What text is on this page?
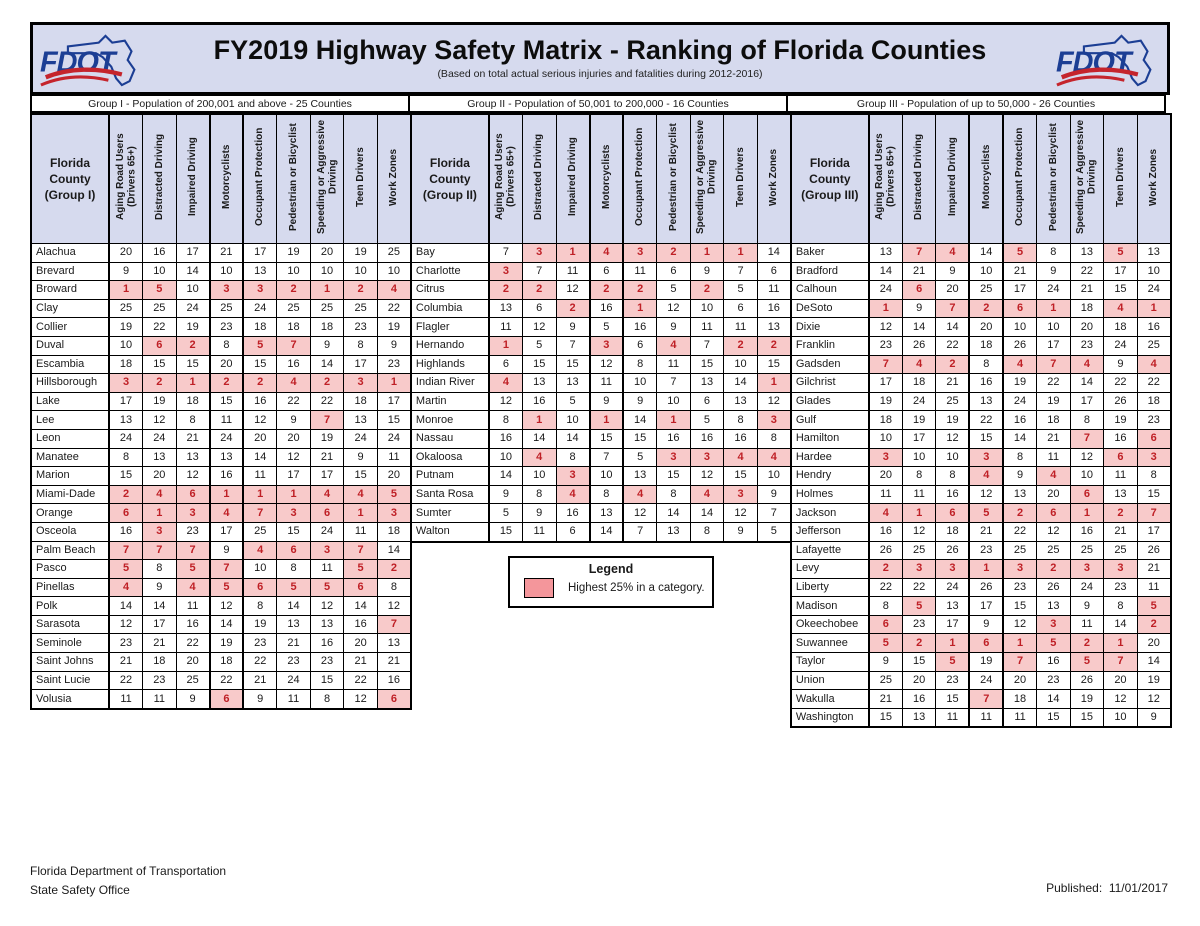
FDOT	FY2019 Highway Safety Matrix - Ranking of Florida Counties
(Based on total actual serious injuries and fatalities during 2012-2016)	FDOT
Group I - Population of 200,001 and above - 25 Counties	Group II - Population of 50,001 to 200,000 - 16 Counties	Group III - Population of up to 50,000 - 26 Counties
Florida
County
(Group I)	Aging Road Users (Drivers 65+)	Distracted Driving	Impaired Driving	Motorcyclists	Occupant Protection	Pedestrian or Bicyclist	Speeding or Aggressive Driving	Teen Drivers	Work Zones
Alachua	20	16	17	21	17	19	20	19	25
Brevard	9	10	14	10	13	10	10	10	10
Broward	1	5	10	3	3	2	1	2	4
Clay	25	25	24	25	24	25	25	25	22
Collier	19	22	19	23	18	18	18	23	19
Duval	10	6	2	8	5	7	9	8	9
Escambia	18	15	15	20	15	16	14	17	23
Hillsborough	3	2	1	2	2	4	2	3	1
Lake	17	19	18	15	16	22	22	18	17
Lee	13	12	8	11	12	9	7	13	15
Leon	24	24	21	24	20	20	19	24	24
Manatee	8	13	13	13	14	12	21	9	11
Marion	15	20	12	16	11	17	17	15	20
Miami-Dade	2	4	6	1	1	1	4	4	5
Orange	6	1	3	4	7	3	6	1	3
Osceola	16	3	23	17	25	15	24	11	18
Palm Beach	7	7	7	9	4	6	3	7	14
Pasco	5	8	5	7	10	8	11	5	2
Pinellas	4	9	4	5	6	5	5	6	8
Polk	14	14	11	12	8	14	12	14	12
Sarasota	12	17	16	14	19	13	13	16	7
Seminole	23	21	22	19	23	21	16	20	13
Saint Johns	21	18	20	18	22	23	23	21	21
Saint Lucie	22	23	25	22	21	24	15	22	16
Volusia	11	11	9	6	9	11	8	12	6
Florida
County
(Group II)	Aging Road Users (Drivers 65+)	Distracted Driving	Impaired Driving	Motorcyclists	Occupant Protection	Pedestrian or Bicyclist	Speeding or Aggressive Driving	Teen Drivers	Work Zones
Bay	7	3	1	4	3	2	1	1	14
Charlotte	3	7	11	6	11	6	9	7	6
Citrus	2	2	12	2	2	5	2	5	11
Columbia	13	6	2	16	1	12	10	6	16
Flagler	11	12	9	5	16	9	11	11	13
Hernando	1	5	7	3	6	4	7	2	2
Highlands	6	15	15	12	8	11	15	10	15
Indian River	4	13	13	11	10	7	13	14	1
Martin	12	16	5	9	9	10	6	13	12
Monroe	8	1	10	1	14	1	5	8	3
Nassau	16	14	14	15	15	16	16	16	8
Okaloosa	10	4	8	7	5	3	3	4	4
Putnam	14	10	3	10	13	15	12	15	10
Santa Rosa	9	8	4	8	4	8	4	3	9
Sumter	5	9	16	13	12	14	14	12	7
Walton	15	11	6	14	7	13	8	9	5
Florida
County
(Group III)	Aging Road Users (Drivers 65+)	Distracted Driving	Impaired Driving	Motorcyclists	Occupant Protection	Pedestrian or Bicyclist	Speeding or Aggressive Driving	Teen Drivers	Work Zones
Baker	13	7	4	14	5	8	13	5	13
Bradford	14	21	9	10	21	9	22	17	10
Calhoun	24	6	20	25	17	24	21	15	24
DeSoto	1	9	7	2	6	1	18	4	1
Dixie	12	14	14	20	10	10	20	18	16
Franklin	23	26	22	18	26	17	23	24	25
Gadsden	7	4	2	8	4	7	4	9	4
Gilchrist	17	18	21	16	19	22	14	22	22
Glades	19	24	25	13	24	19	17	26	18
Gulf	18	19	19	22	16	18	8	19	23
Hamilton	10	17	12	15	14	21	7	16	6
Hardee	3	10	10	3	8	11	12	6	3
Hendry	20	8	8	4	9	4	10	11	8
Holmes	11	11	16	12	13	20	6	13	15
Jackson	4	1	6	5	2	6	1	2	7
Jefferson	16	12	18	21	22	12	16	21	17
Lafayette	26	25	26	23	25	25	25	25	26
Levy	2	3	3	1	3	2	3	3	21
Liberty	22	22	24	26	23	26	24	23	11
Madison	8	5	13	17	15	13	9	8	5
Okeechobee	6	23	17	9	12	3	11	14	2
Suwannee	5	2	1	6	1	5	2	1	20
Taylor	9	15	5	19	7	16	5	7	14
Union	25	20	23	24	20	23	26	20	19
Wakulla	21	16	15	7	18	14	19	12	12
Washington	15	13	11	11	11	15	15	10	9
Legend
Highest 25% in a category.
Florida Department of Transportation
State Safety Office	Published:  11/01/2017
